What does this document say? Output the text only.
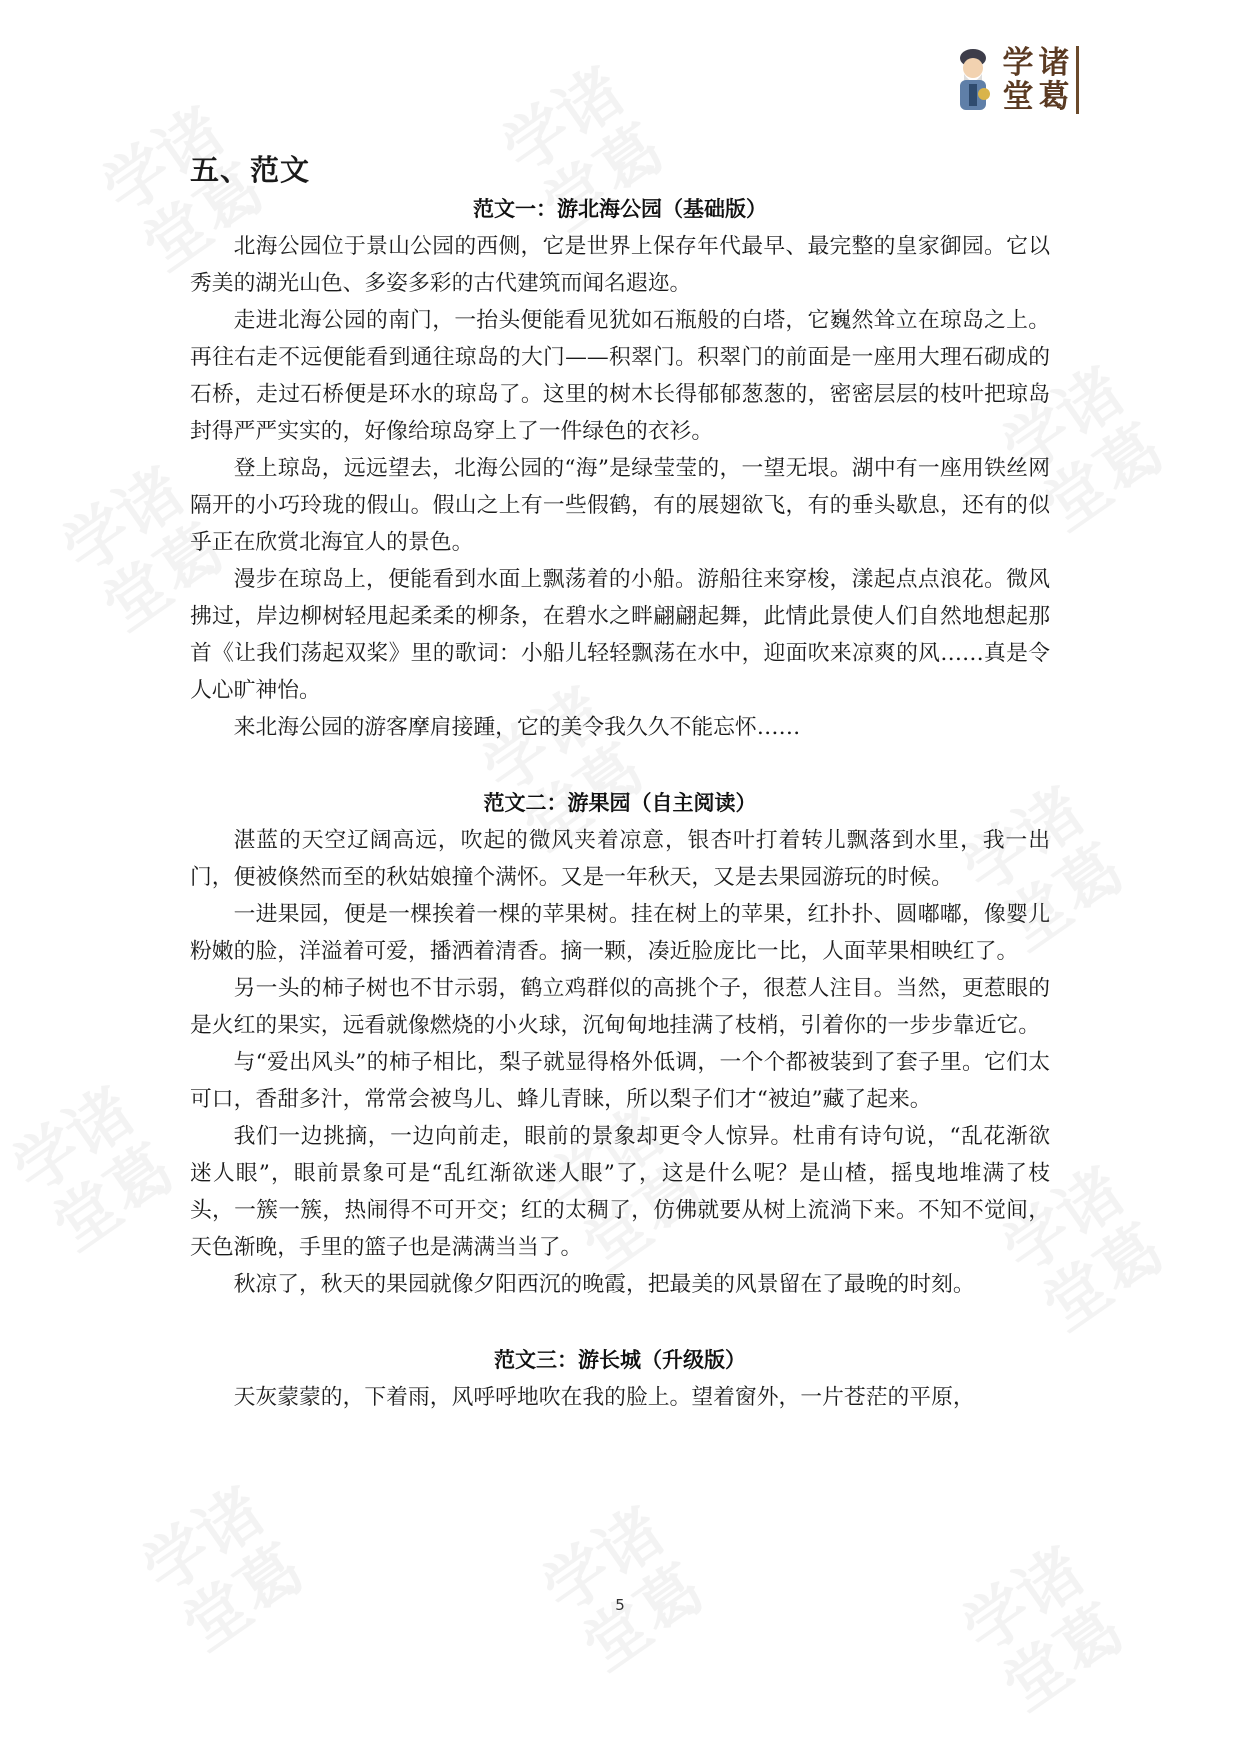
学
堂
诸
葛
五、范文
范文一：游北海公园（基础版）

北海公园位于景山公园的西侧，它是世界上保存年代最早、最完整的皇家御园。它以秀美的湖光山色、多姿多彩的古代建筑而闻名遐迩。

走进北海公园的南门，一抬头便能看见犹如石瓶般的白塔，它巍然耸立在琼岛之上。再往右走不远便能看到通往琼岛的大门——积翠门。积翠门的前面是一座用大理石砌成的石桥，走过石桥便是环水的琼岛了。这里的树木长得郁郁葱葱的，密密层层的枝叶把琼岛封得严严实实的，好像给琼岛穿上了一件绿色的衣衫。

登上琼岛，远远望去，北海公园的“海”是绿莹莹的，一望无垠。湖中有一座用铁丝网隔开的小巧玲珑的假山。假山之上有一些假鹤，有的展翅欲飞，有的垂头歇息，还有的似乎正在欣赏北海宜人的景色。

漫步在琼岛上，便能看到水面上飘荡着的小船。游船往来穿梭，漾起点点浪花。微风拂过，岸边柳树轻甩起柔柔的柳条，在碧水之畔翩翩起舞，此情此景使人们自然地想起那首《让我们荡起双桨》里的歌词：小船儿轻轻飘荡在水中，迎面吹来凉爽的风……真是令人心旷神怡。

来北海公园的游客摩肩接踵，它的美令我久久不能忘怀……

范文二：游果园（自主阅读）

湛蓝的天空辽阔高远，吹起的微风夹着凉意，银杏叶打着转儿飘落到水里，我一出门，便被倏然而至的秋姑娘撞个满怀。又是一年秋天，又是去果园游玩的时候。

一进果园，便是一棵挨着一棵的苹果树。挂在树上的苹果，红扑扑、圆嘟嘟，像婴儿粉嫩的脸，洋溢着可爱，播洒着清香。摘一颗，凑近脸庞比一比，人面苹果相映红了。

另一头的柿子树也不甘示弱，鹤立鸡群似的高挑个子，很惹人注目。当然，更惹眼的是火红的果实，远看就像燃烧的小火球，沉甸甸地挂满了枝梢，引着你的一步步靠近它。

与“爱出风头”的柿子相比，梨子就显得格外低调，一个个都被装到了套子里。它们太可口，香甜多汁，常常会被鸟儿、蜂儿青睐，所以梨子们才“被迫”藏了起来。

我们一边挑摘，一边向前走，眼前的景象却更令人惊异。杜甫有诗句说，“乱花渐欲迷人眼”，眼前景象可是“乱红渐欲迷人眼”了，这是什么呢？是山楂，摇曳地堆满了枝头，一簇一簇，热闹得不可开交；红的太稠了，仿佛就要从树上流淌下来。不知不觉间，天色渐晚，手里的篮子也是满满当当了。

秋凉了，秋天的果园就像夕阳西沉的晚霞，把最美的风景留在了最晚的时刻。

范文三：游长城（升级版）

天灰蒙蒙的，下着雨，风呼呼地吹在我的脸上。望着窗外，一片苍茫的平原，

5
